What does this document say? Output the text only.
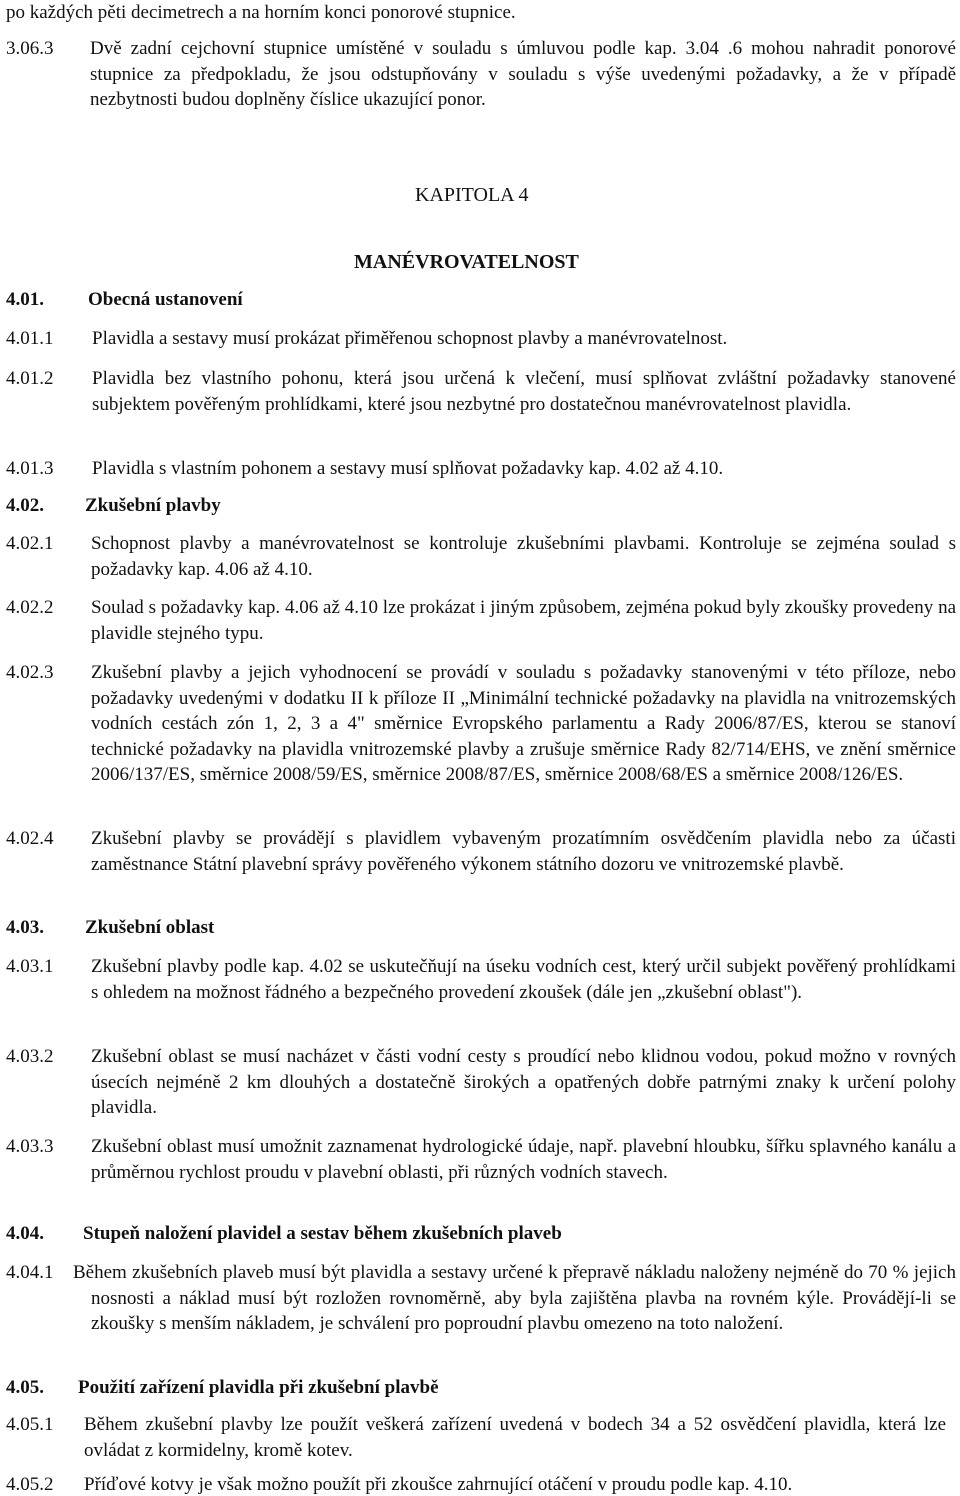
po každých pěti decimetrech a na horním konci ponorové stupnice.
3.06.3 Dvě zadní cejchovní stupnice umístěné v souladu s úmluvou podle kap. 3.04 .6 mohou nahradit ponorové stupnice za předpokladu, že jsou odstupňovány v souladu s výše uvedenými požadavky, a že v případě nezbytnosti budou doplněny číslice ukazující ponor.
KAPITOLA 4
MANÉVROVATELNOST
4.01. Obecná ustanovení
4.01.1 Plavidla a sestavy musí prokázat přiměřenou schopnost plavby a manévrovatelnost.
4.01.2 Plavidla bez vlastního pohonu, která jsou určená k vlečení, musí splňovat zvláštní požadavky stanovené subjektem pověřeným prohlídkami, které jsou nezbytné pro dostatečnou manévrovatelnost plavidla.
4.01.3 Plavidla s vlastním pohonem a sestavy musí splňovat požadavky kap. 4.02 až 4.10.
4.02. Zkušební plavby
4.02.1 Schopnost plavby a manévrovatelnost se kontroluje zkušebními plavbami. Kontroluje se zejména soulad s požadavky kap. 4.06 až 4.10.
4.02.2 Soulad s požadavky kap. 4.06 až 4.10 lze prokázat i jiným způsobem, zejména pokud byly zkoušky provedeny na plavidle stejného typu.
4.02.3 Zkušební plavby a jejich vyhodnocení se provádí v souladu s požadavky stanovenými v této příloze, nebo požadavky uvedenými v dodatku II k příloze II „Minimální technické požadavky na plavidla na vnitrozemských vodních cestách zón 1, 2, 3 a 4" směrnice Evropského parlamentu a Rady 2006/87/ES, kterou se stanoví technické požadavky na plavidla vnitrozemské plavby a zrušuje směrnice Rady 82/714/EHS, ve znění směrnice 2006/137/ES, směrnice 2008/59/ES, směrnice 2008/87/ES, směrnice 2008/68/ES a směrnice 2008/126/ES.
4.02.4 Zkušební plavby se provádějí s plavidlem vybaveným prozatímním osvědčením plavidla nebo za účasti zaměstnance Státní plavební správy pověřeného výkonem státního dozoru ve vnitrozemské plavbě.
4.03. Zkušební oblast
4.03.1 Zkušební plavby podle kap. 4.02 se uskutečňují na úseku vodních cest, který určil subjekt pověřený prohlídkami s ohledem na možnost řádného a bezpečného provedení zkoušek (dále jen „zkušební oblast").
4.03.2 Zkušební oblast se musí nacházet v části vodní cesty s proudící nebo klidnou vodou, pokud možno v rovných úsecích nejméně 2 km dlouhých a dostatečně širokých a opatřených dobře patrnými znaky k určení polohy plavidla.
4.03.3 Zkušební oblast musí umožnit zaznamenat hydrologické údaje, např. plavební hloubku, šířku splavného kanálu a průměrnou rychlost proudu v plavební oblasti, při různých vodních stavech.
4.04. Stupeň naložení plavidel a sestav během zkušebních plaveb
4.04.1 Během zkušebních plaveb musí být plavidla a sestavy určené k přepravě nákladu naloženy nejméně do 70 % jejich nosnosti a náklad musí být rozložen rovnoměrně, aby byla zajištěna plavba na rovném kýle. Provádějí-li se zkoušky s menším nákladem, je schválení pro poproudní plavbu omezeno na toto naložení.
4.05. Použití zařízení plavidla při zkušební plavbě
4.05.1 Během zkušební plavby lze použít veškerá zařízení uvedená v bodech 34 a 52 osvědčení plavidla, která lze ovládat z kormidelny, kromě kotev.
4.05.2 Příďové kotvy je však možno použít při zkoušce zahrnující otáčení v proudu podle kap. 4.10.
